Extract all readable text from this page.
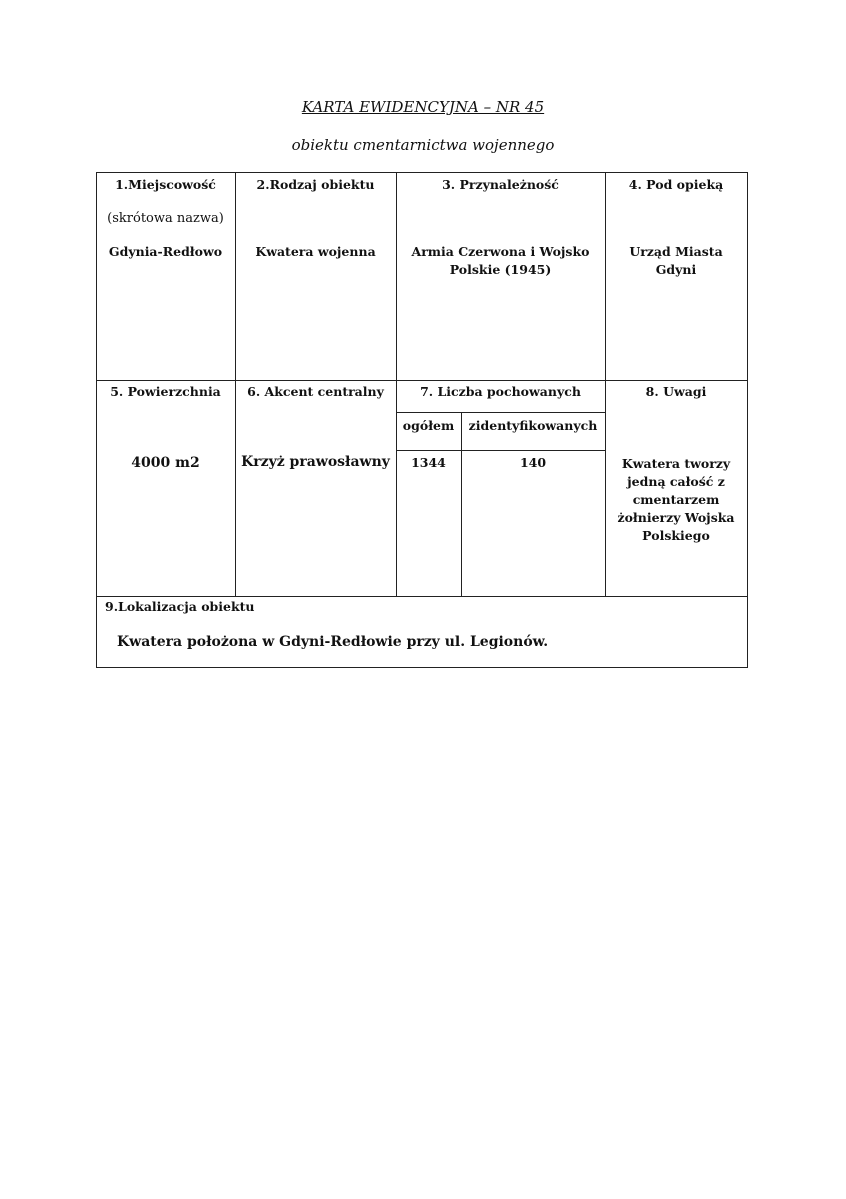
KARTA EWIDENCYJNA – NR 45
obiektu cmentarnictwa wojennego
1.Miejscowość
(skrótowa nazwa)
Gdynia-Redłowo
2.Rodzaj obiektu
Kwatera wojenna
3. Przynależność
Armia Czerwona i Wojsko Polskie (1945)
4. Pod opieką
Urząd Miasta Gdyni
5. Powierzchnia
4000 m2
6. Akcent centralny
Krzyż prawosławny
7. Liczba pochowanych
ogółem	zidentyfikowanych
1344	140
8. Uwagi
Kwatera tworzy jedną całość z cmentarzem żołnierzy Wojska Polskiego
9.Lokalizacja obiektu
Kwatera położona w Gdyni-Redłowie przy ul. Legionów.
